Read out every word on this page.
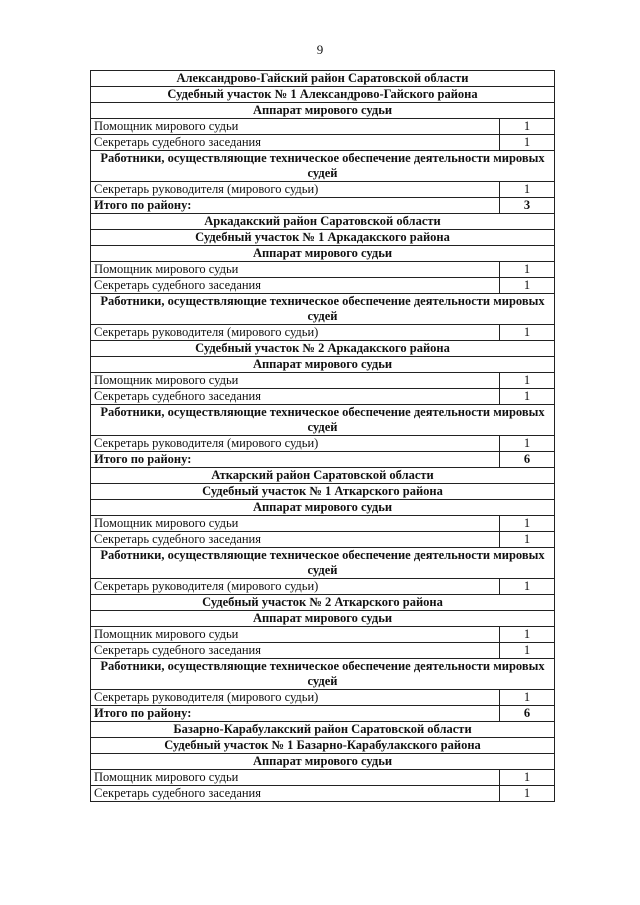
9
Александрово-Гайский район Саратовской области	
Судебный участок № 1 Александрово-Гайского района	
Аппарат мирового судьи	
Помощник мирового судьи	1
Секретарь судебного заседания	1
Работники, осуществляющие техническое обеспечение деятельности мировых судей	
Секретарь руководителя (мирового судьи)	1
Итого по району:	3
Аркадакский район Саратовской области	
Судебный участок № 1 Аркадакского района	
Аппарат мирового судьи	
Помощник мирового судьи	1
Секретарь судебного заседания	1
Работники, осуществляющие техническое обеспечение деятельности мировых судей	
Секретарь руководителя (мирового судьи)	1
Судебный участок № 2 Аркадакского района	
Аппарат мирового судьи	
Помощник мирового судьи	1
Секретарь судебного заседания	1
Работники, осуществляющие техническое обеспечение деятельности мировых судей	
Секретарь руководителя (мирового судьи)	1
Итого по району:	6
Аткарский район Саратовской области	
Судебный участок № 1 Аткарского района	
Аппарат мирового судьи	
Помощник мирового судьи	1
Секретарь судебного заседания	1
Работники, осуществляющие техническое обеспечение деятельности мировых судей	
Секретарь руководителя (мирового судьи)	1
Судебный участок № 2 Аткарского района	
Аппарат мирового судьи	
Помощник мирового судьи	1
Секретарь судебного заседания	1
Работники, осуществляющие техническое обеспечение деятельности мировых судей	
Секретарь руководителя (мирового судьи)	1
Итого по району:	6
Базарно-Карабулакский район Саратовской области	
Судебный участок № 1 Базарно-Карабулакского района	
Аппарат мирового судьи	
Помощник мирового судьи	1
Секретарь судебного заседания	1
